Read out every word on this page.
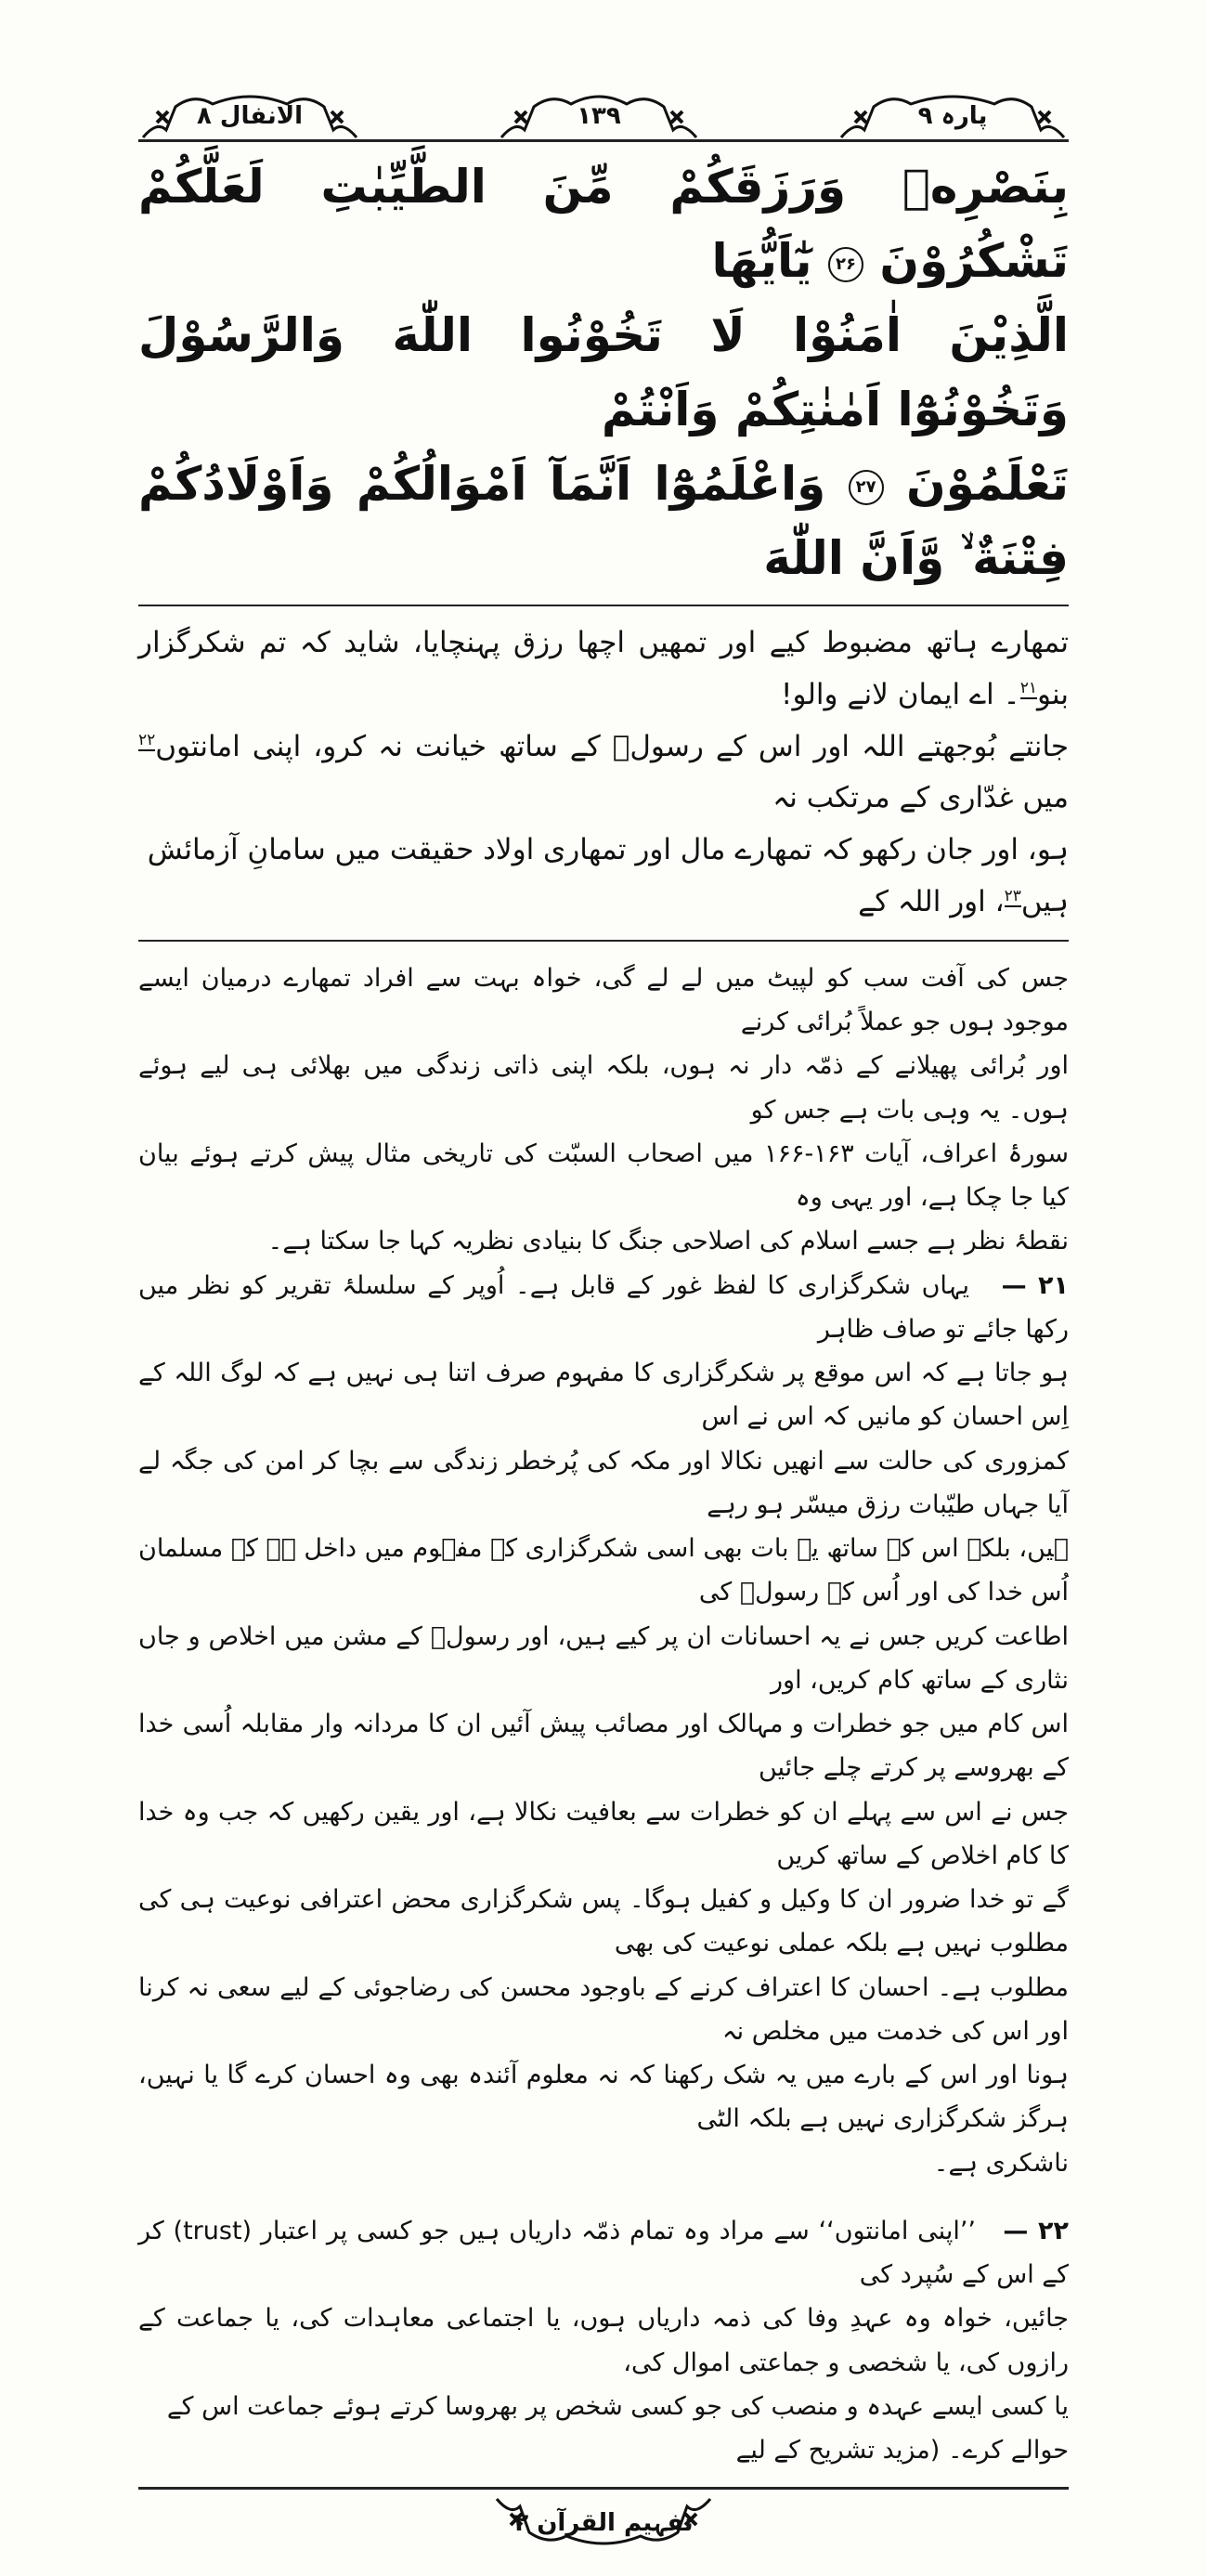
الانفال ۸	۱۳۹	پارہ ۹
بِنَصْرِهٖ وَرَزَقَكُمْ مِّنَ الطَّيِّبٰتِ لَعَلَّكُمْ تَشْكُرُوْنَ ۲۶ يٰٓاَيُّهَا
الَّذِيْنَ اٰمَنُوْا لَا تَخُوْنُوا اللّٰهَ وَالرَّسُوْلَ وَتَخُوْنُوْٓا اَمٰنٰتِكُمْ وَاَنْتُمْ
تَعْلَمُوْنَ ۲۷ وَاعْلَمُوْٓا اَنَّمَآ اَمْوَالُكُمْ وَاَوْلَادُكُمْ فِتْنَةٌ ۙ وَّاَنَّ اللّٰهَ
تمھارے ہاتھ مضبوط کیے اور تمھیں اچھا رزق پہنچایا، شاید کہ تم شکرگزار بنو$^{۲۱}$۔ اے ایمان لانے والو!
جانتے بُوجھتے اللہ اور اس کے رسولؐ کے ساتھ خیانت نہ کرو، اپنی امانتوں$^{۲۲}$ میں غدّاری کے مرتکب نہ
ہو، اور جان رکھو کہ تمھارے مال اور تمھاری اولاد حقیقت میں سامانِ آزمائش ہیں$^{۲۳}$، اور اللہ کے
جس کی آفت سب کو لپیٹ میں لے لے گی، خواہ بہت سے افراد تمھارے درمیان ایسے موجود ہوں جو عملاً بُرائی کرنے
اور بُرائی پھیلانے کے ذمّہ دار نہ ہوں، بلکہ اپنی ذاتی زندگی میں بھلائی ہی لیے ہوئے ہوں۔ یہ وہی بات ہے جس کو
سورۂ اعراف، آیات ۱۶۳-۱۶۶ میں اصحاب السبّت کی تاریخی مثال پیش کرتے ہوئے بیان کیا جا چکا ہے، اور یہی وہ
نقطۂ نظر ہے جسے اسلام کی اصلاحی جنگ کا بنیادی نظریہ کہا جا سکتا ہے۔
۲۱ —   یہاں شکرگزاری کا لفظ غور کے قابل ہے۔ اُوپر کے سلسلۂ تقریر کو نظر میں رکھا جائے تو صاف ظاہر
ہو جاتا ہے کہ اس موقع پر شکرگزاری کا مفہوم صرف اتنا ہی نہیں ہے کہ لوگ اللہ کے اِس احسان کو مانیں کہ اس نے اس
کمزوری کی حالت سے انھیں نکالا اور مکہ کی پُرخطر زندگی سے بچا کر امن کی جگہ لے آیا جہاں طیّبات رزق میسّر ہو رہے
ہیں، بلکہ اس کے ساتھ یہ بات بھی اسی شکرگزاری کے مفہوم میں داخل ہے کہ مسلمان اُس خدا کی اور اُس کے رسولؐ کی
اطاعت کریں جس نے یہ احسانات ان پر کیے ہیں، اور رسولؐ کے مشن میں اخلاص و جاں نثاری کے ساتھ کام کریں، اور
اس کام میں جو خطرات و مہالک اور مصائب پیش آئیں ان کا مردانہ وار مقابلہ اُسی خدا کے بھروسے پر کرتے چلے جائیں
جس نے اس سے پہلے ان کو خطرات سے بعافیت نکالا ہے، اور یقین رکھیں کہ جب وہ خدا کا کام اخلاص کے ساتھ کریں
گے تو خدا ضرور ان کا وکیل و کفیل ہوگا۔ پس شکرگزاری محض اعترافی نوعیت ہی کی مطلوب نہیں ہے بلکہ عملی نوعیت کی بھی
مطلوب ہے۔ احسان کا اعتراف کرنے کے باوجود محسن کی رضاجوئی کے لیے سعی نہ کرنا اور اس کی خدمت میں مخلص نہ
ہونا اور اس کے بارے میں یہ شک رکھنا کہ نہ معلوم آئندہ بھی وہ احسان کرے گا یا نہیں، ہرگز شکرگزاری نہیں ہے بلکہ الٹی
ناشکری ہے۔
۲۲ —   ’’اپنی امانتوں‘‘ سے مراد وہ تمام ذمّہ داریاں ہیں جو کسی پر اعتبار (trust) کر کے اس کے سُپرد کی
جائیں، خواہ وہ عہدِ وفا کی ذمہ داریاں ہوں، یا اجتماعی معاہدات کی، یا جماعت کے رازوں کی، یا شخصی و جماعتی اموال کی،
یا کسی ایسے عہدہ و منصب کی جو کسی شخص پر بھروسا کرتے ہوئے جماعت اس کے حوالے کرے۔ (مزید تشریح کے لیے
تفہیم القرآن ۲
